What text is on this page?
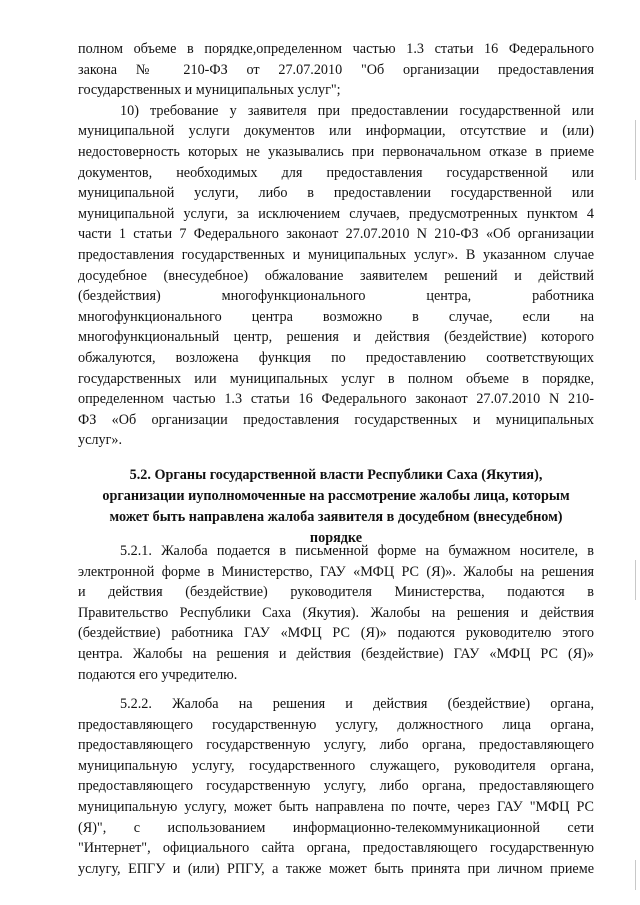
полном объеме в порядке,определенном частью 1.3 статьи 16 Федерального

закона № 210-ФЗ от 27.07.2010 "Об организации предоставления

государственных и муниципальных услуг";

10) требование у заявителя при предоставлении государственной или

муниципальной услуги документов или информации, отсутствие и (или)

недостоверность которых не указывались при первоначальном отказе в приеме

документов, необходимых для предоставления государственной или

муниципальной услуги, либо в предоставлении государственной или

муниципальной услуги, за исключением случаев, предусмотренных пунктом 4

части 1 статьи 7 Федерального законаот 27.07.2010 N 210-ФЗ «Об организации

предоставления государственных и муниципальных услуг». В указанном случае

досудебное (внесудебное) обжалование заявителем решений и действий

(бездействия) многофункционального центра, работника

многофункционального центра возможно в случае, если на

многофункциональный центр, решения и действия (бездействие) которого

обжалуются, возложена функция по предоставлению соответствующих

государственных или муниципальных услуг в полном объеме в порядке,

определенном частью 1.3 статьи 16 Федерального законаот 27.07.2010 N 210-

ФЗ «Об организации предоставления государственных и муниципальных

услуг».

5.2. Органы государственной власти Республики Саха (Якутия),

организации иуполномоченные на рассмотрение жалобы лица, которым

может быть направлена жалоба заявителя в досудебном (внесудебном)

порядке

5.2.1. Жалоба подается в письменной форме на бумажном носителе, в

электронной форме в Министерство, ГАУ «МФЦ РС (Я)». Жалобы на решения

и действия (бездействие) руководителя Министерства, подаются в

Правительство Республики Саха (Якутия). Жалобы на решения и действия

(бездействие) работника ГАУ «МФЦ РС (Я)» подаются руководителю этого

центра. Жалобы на решения и действия (бездействие) ГАУ «МФЦ РС (Я)»

подаются его учредителю.

5.2.2. Жалоба на решения и действия (бездействие) органа,

предоставляющего государственную услугу, должностного лица органа,

предоставляющего государственную услугу, либо органа, предоставляющего

муниципальную услугу, государственного служащего, руководителя органа,

предоставляющего государственную услугу, либо органа, предоставляющего

муниципальную услугу, может быть направлена по почте, через ГАУ "МФЦ РС

(Я)", с использованием информационно-телекоммуникационной сети

"Интернет", официального сайта органа, предоставляющего государственную

услугу, ЕПГУ и (или) РПГУ, а также может быть принята при личном приеме
